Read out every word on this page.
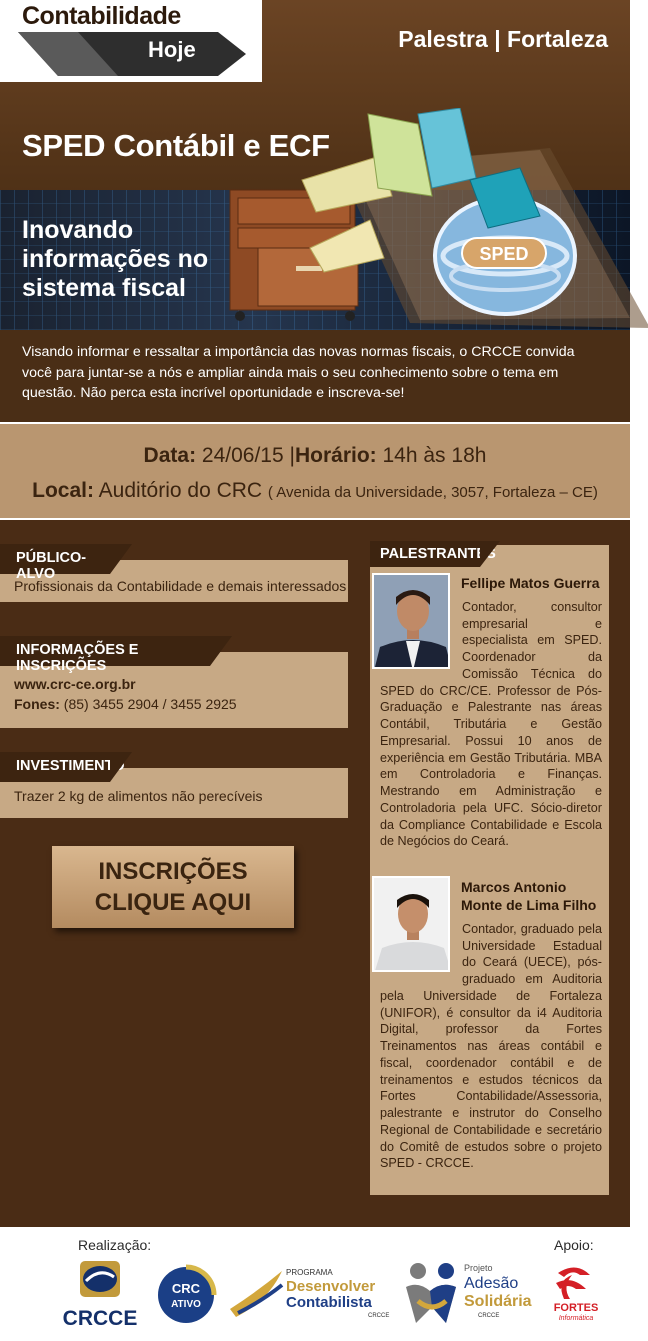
Contabilidade
Hoje	Palestra | Fortaleza
SPED Contábil e ECF
Inovando
informações no
sistema fiscal
SPED

Visando informar e ressaltar a importância das novas normas fiscais, o CRCCE convida você para juntar-se a nós e ampliar ainda mais o seu conhecimento sobre o tema em questão. Não perca esta incrível oportunidade e inscreva-se!

Data: 24/06/15 |Horário: 14h às 18h
Local: Auditório do CRC ( Avenida da Universidade, 3057, Fortaleza – CE)
PÚBLICO-ALVO
Profissionais da Contabilidade e demais interessados
INFORMAÇÕES E INSCRIÇÕES
www.crc-ce.org.br
Fones: (85) 3455 2904 / 3455 2925
INVESTIMENTO
Trazer 2 kg de alimentos não perecíveis
INSCRIÇÕES
CLIQUE AQUI
PALESTRANTES
Fellipe Matos Guerra
Contador, consultor empresarial e especialista em SPED. Coordenador da Comissão Técnica do SPED do CRC/CE. Professor de Pós-Graduação e Palestrante nas áreas Contábil, Tributária e Gestão Empresarial. Possui 10 anos de experiência em Gestão Tributária. MBA em Controladoria e Finanças. Mestrando em Administração e Controladoria pela UFC. Sócio-diretor da Compliance Contabilidade e Escola de Negócios do Ceará.
Marcos Antonio Monte de Lima Filho
Contador, graduado pela Universidade Estadual do Ceará (UECE), pós-graduado em Auditoria pela Universidade de Fortaleza (UNIFOR), é consultor da i4 Auditoria Digital, professor da Fortes Treinamentos nas áreas contábil e fiscal, coordenador contábil e de treinamentos e estudos técnicos da Fortes Contabilidade/Assessoria, palestrante e instrutor do Conselho Regional de Contabilidade e secretário do Comitê de estudos sobre o projeto SPED - CRCCE.
Realização:	Apoio:
CRCCE
CRC
ATIVO
PROGRAMA
Desenvolver
Contabilista
CRCCE
Projeto
Adesão
Solidária
CRCCE
FORTES
Informática
